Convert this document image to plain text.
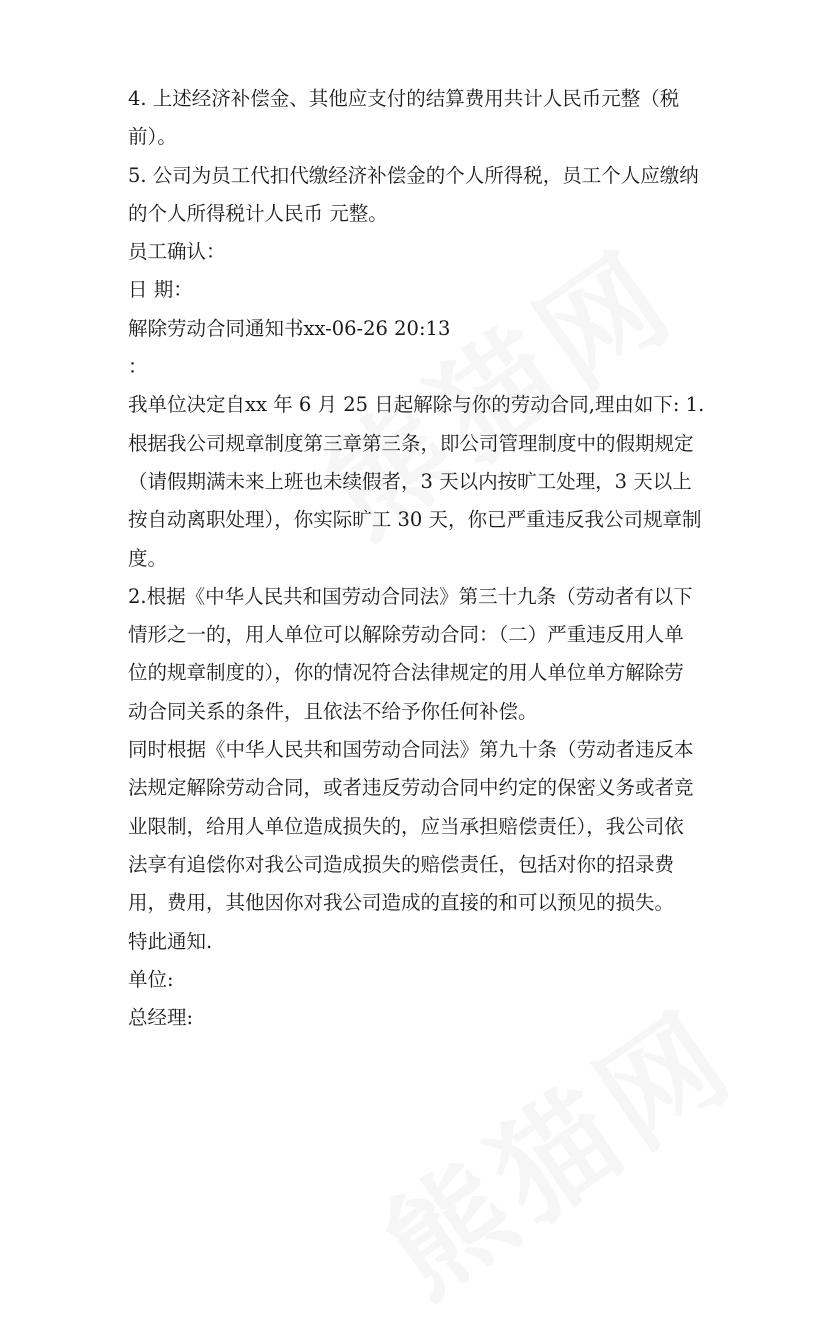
4. 上述经济补偿金、其他应支付的结算费用共计人民币元整（税
前）。
5. 公司为员工代扣代缴经济补偿金的个人所得税，员工个人应缴纳
的个人所得税计人民币 元整。
员工确认：
日 期：
解除劳动合同通知书xx-06-26 20:13
：
我单位决定自xx 年 6 月 25 日起解除与你的劳动合同,理由如下: 1.
根据我公司规章制度第三章第三条，即公司管理制度中的假期规定
（请假期满未来上班也未续假者，3 天以内按旷工处理，3 天以上
按自动离职处理），你实际旷工 30 天，你已严重违反我公司规章制
度。
2.根据《中华人民共和国劳动合同法》第三十九条（劳动者有以下
情形之一的，用人单位可以解除劳动合同：（二）严重违反用人单
位的规章制度的），你的情况符合法律规定的用人单位单方解除劳
动合同关系的条件，且依法不给予你任何补偿。
同时根据《中华人民共和国劳动合同法》第九十条（劳动者违反本
法规定解除劳动合同，或者违反劳动合同中约定的保密义务或者竞
业限制，给用人单位造成损失的，应当承担赔偿责任），我公司依
法享有追偿你对我公司造成损失的赔偿责任，包括对你的招录费
用，费用，其他因你对我公司造成的直接的和可以预见的损失。
特此通知.
单位:
总经理:
